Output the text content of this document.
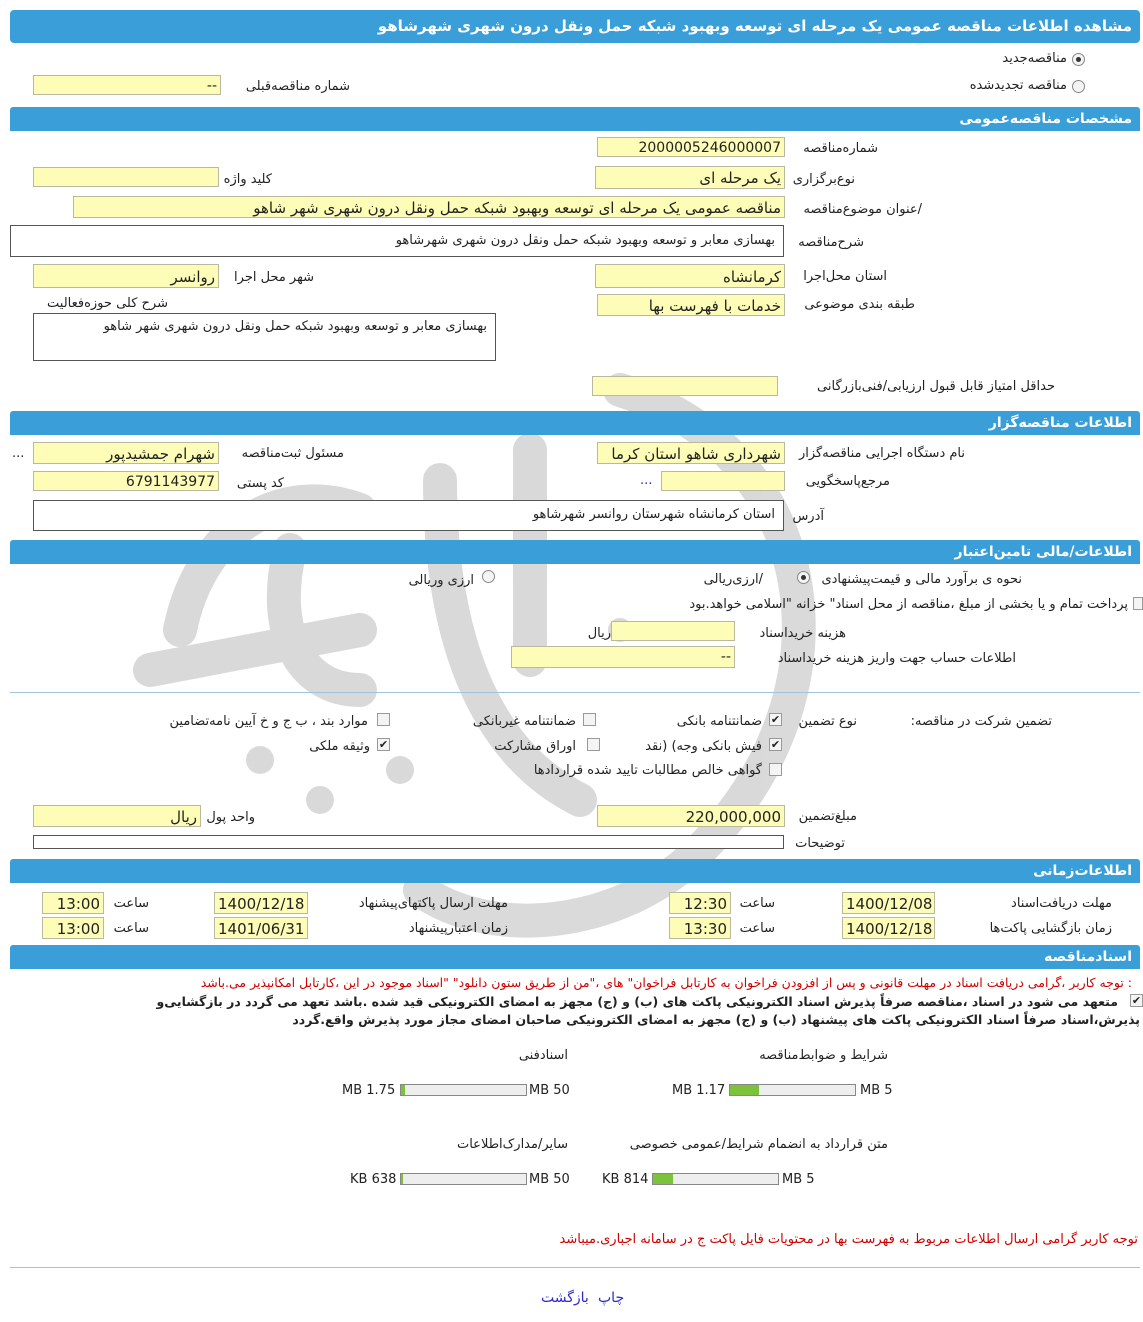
مشاهده اطلاعات مناقصه عمومی یک مرحله ای توسعه وبهبود شبکه حمل ونقل درون شهری شهرشاهو
مناقصه‌جدید
مناقصه تجدیدشده
شماره مناقصه‌قبلی
--
مشخصات مناقصه‌عمومی
شماره‌مناقصه
2000005246000007
نوع‌برگزاری
یک مرحله ای
کلید واژه
/عنوان موضوع‌مناقصه
مناقصه عمومی یک مرحله ای توسعه وبهبود شبکه حمل ونقل درون شهری شهر شاهو
شرح‌مناقصه
بهسازی معابر و توسعه وبهبود شبکه حمل ونقل درون شهری شهرشاهو
استان محل‌اجرا
کرمانشاه
شهر محل اجرا
روانسر
طبقه بندی موضوعی
خدمات با فهرست بها
شرح کلی حوزه‌فعالیت
بهسازی معابر و توسعه وبهبود شبکه حمل ونقل درون شهری شهر شاهو
حداقل امتیاز قابل قبول ارزیابی/فنی‌بازرگانی
اطلاعات مناقصه‌گزار
نام دستگاه اجرایی مناقصه‌گزار
شهرداری شاهو استان کرما
مسئول ثبت‌مناقصه
شهرام جمشیدپور
...
مرجع‌پاسخگویی
...
کد پستی
6791143977
آدرس
استان کرمانشاه شهرستان روانسر شهرشاهو
اطلاعات/مالی تامین‌اعتبار
نحوه ی برآورد مالی و قیمت‌پیشنهادی
/ارزی‌ریالی
ارزی وریالی
پرداخت تمام و یا بخشی از مبلغ ،مناقصه از محل اسناد" خزانه "اسلامی خواهد.بود
هزینه خریداسناد
ریال
اطلاعات حساب جهت واریز هزینه خریداسناد
--
تضمین شرکت در مناقصه:
نوع تضمین
✔
ضمانتنامه بانکی
ضمانتنامه غیربانکی
موارد بند ، ب ج و خ آیین نامه‌تضامین
✔
فیش بانکی وجه) (نقد
اوراق مشارکت
✔
وثیقه ملکی
گواهی خالص مطالبات تایید شده قراردادها
مبلغ‌تضمین
220,000,000
واحد پول
ریال
توضیحات
اطلاعات‌زمانی
مهلت دریافت‌اسناد
1400/12/08
ساعت
12:30
مهلت ارسال پاکتهای‌پیشنهاد
1400/12/18
ساعت
13:00
زمان بازگشایی پاکت‌ها
1400/12/18
ساعت
13:30
زمان اعتبارپیشنهاد
1401/06/31
ساعت
13:00
اسنادمناقصه
: توجه کاربر ،گرامی دریافت اسناد در مهلت قانونی و پس از افزودن فراخوان به کارتابل فراخوان" های ،"من از طریق ستون دانلود" "اسناد موجود در این ،کارتابل امکانپذیر می.باشد
✔
متعهد می شود در اسناد ،مناقصه صرفاً پذیرش اسناد الکترونیکی پاکت های (ب) و (ج) مجهز به امضای الکترونیکی قید شده .باشد تعهد می گردد در بازگشایی‌و
پذیرش،اسناد صرفاً اسناد الکترونیکی پاکت های پیشنهاد (ب) و (ج) مجهز به امضای الکترونیکی صاحبان امضای مجاز مورد پذیرش واقع.گردد
شرایط و ضوابط‌مناقصه
5 MB
1.17 MB
اسنادفنی
50 MB
1.75 MB
متن قرارداد به انضمام شرایط/عمومی خصوصی
5 MB
814 KB
سایر/مدارک‌اطلاعات
50 MB
638 KB
توجه کاربر گرامی ارسال اطلاعات مربوط به فهرست بها در محتویات فایل پاکت ج در سامانه اجباری.میباشد
چاپ
بازگشت
